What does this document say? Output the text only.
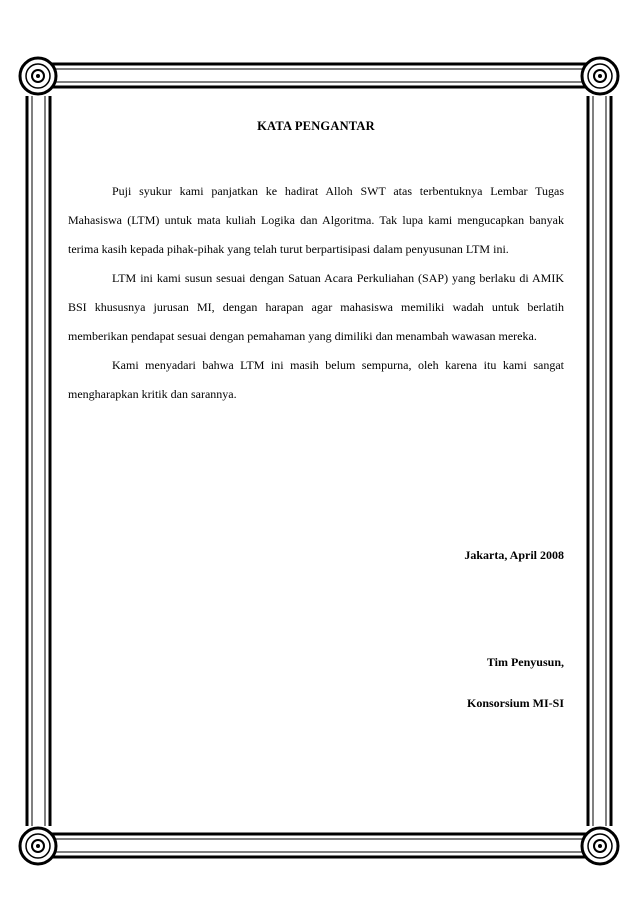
KATA PENGANTAR

Puji syukur kami panjatkan ke hadirat Alloh SWT atas terbentuknya Lembar Tugas Mahasiswa (LTM) untuk mata kuliah Logika dan Algoritma. Tak lupa kami mengucapkan banyak terima kasih kepada pihak-pihak yang telah turut berpartisipasi dalam penyusunan LTM ini.

LTM ini kami susun sesuai dengan Satuan Acara Perkuliahan (SAP) yang berlaku di AMIK BSI khususnya jurusan MI, dengan harapan agar mahasiswa memiliki wadah untuk berlatih memberikan pendapat sesuai dengan pemahaman yang dimiliki dan menambah wawasan mereka.

Kami menyadari bahwa LTM ini masih belum sempurna, oleh karena itu kami sangat mengharapkan kritik dan sarannya.

Jakarta, April 2008
Tim Penyusun,
Konsorsium MI-SI
